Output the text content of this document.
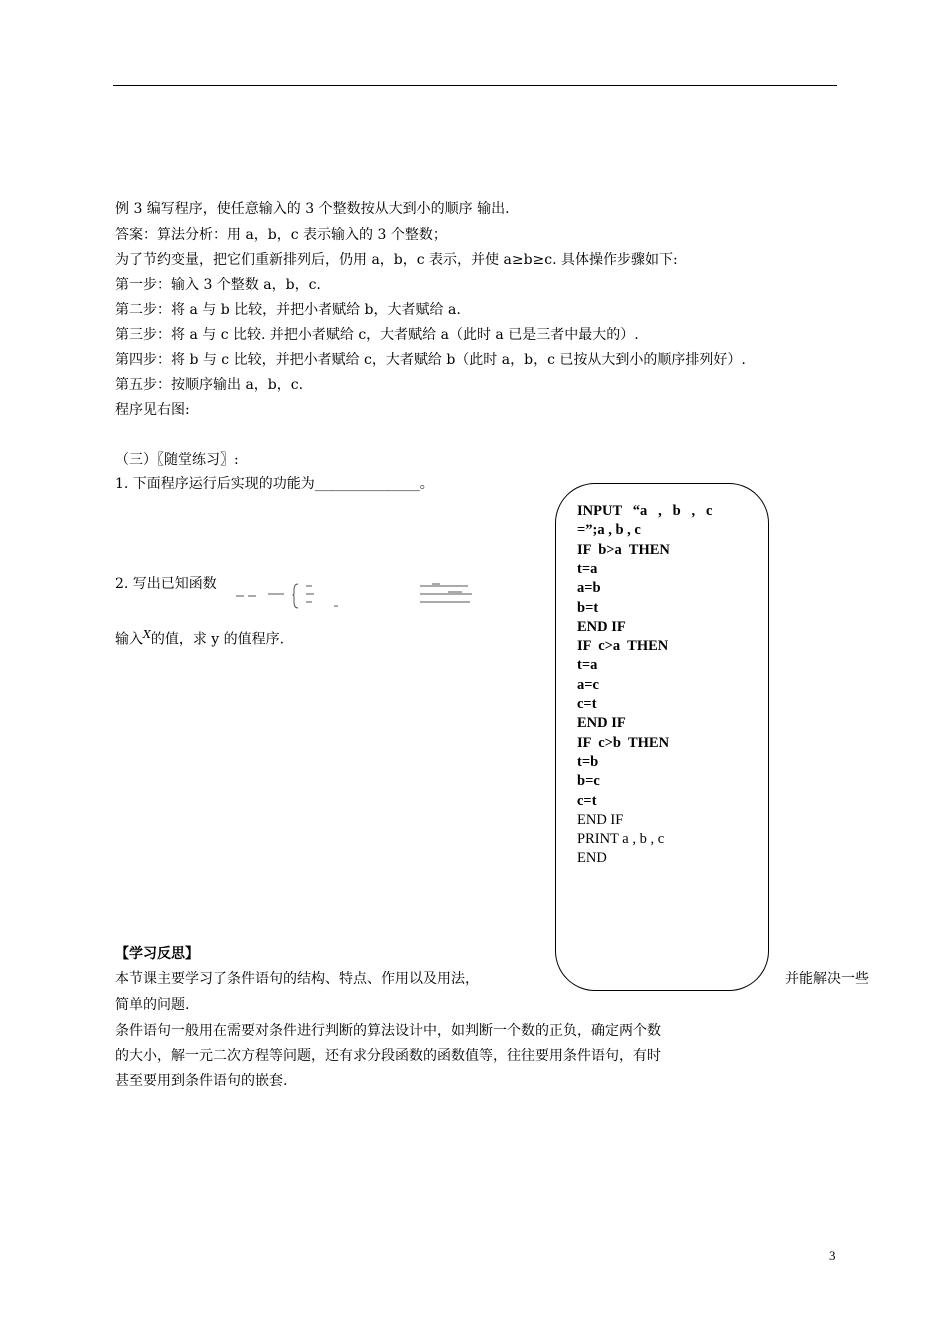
例 3 编写程序，使任意输入的 3 个整数按从大到小的顺序 输出.
答案：算法分析：用 a，b，c 表示输入的 3 个整数；
为了节约变量，把它们重新排列后，仍用 a，b，c 表示，并使 a≥b≥c. 具体操作步骤如下:
第一步：输入 3 个整数 a，b，c.
第二步：将 a 与 b 比较，并把小者赋给 b，大者赋给 a.
第三步：将 a 与 c 比较. 并把小者赋给 c，大者赋给 a（此时 a 已是三者中最大的）.
第四步：将 b 与 c 比较，并把小者赋给 c，大者赋给 b（此时 a，b，c 已按从大到小的顺序排列好）.
第五步：按顺序输出 a，b，c.
程序见右图:
（三）〖随堂练习〗:
1. 下面程序运行后实现的功能为_______________。
2. 写出已知函数
输入$^X$的值，求 y 的值程序.
INPUT   “a   ,   b   ,   c
=”;a , b , c
IF  b>a  THEN
t=a
a=b
b=t
END IF
IF  c>a  THEN
t=a
a=c
c=t
END IF
IF  c>b  THEN
t=b
b=c
c=t
END IF
PRINT a , b , c
END
【学习反思】
本节课主要学习了条件语句的结构、特点、作用以及用法，	并能解决一些
简单的问题.
条件语句一般用在需要对条件进行判断的算法设计中，如判断一个数的正负，确定两个数
的大小，解一元二次方程等问题，还有求分段函数的函数值等，往往要用条件语句，有时
甚至要用到条件语句的嵌套.
3
